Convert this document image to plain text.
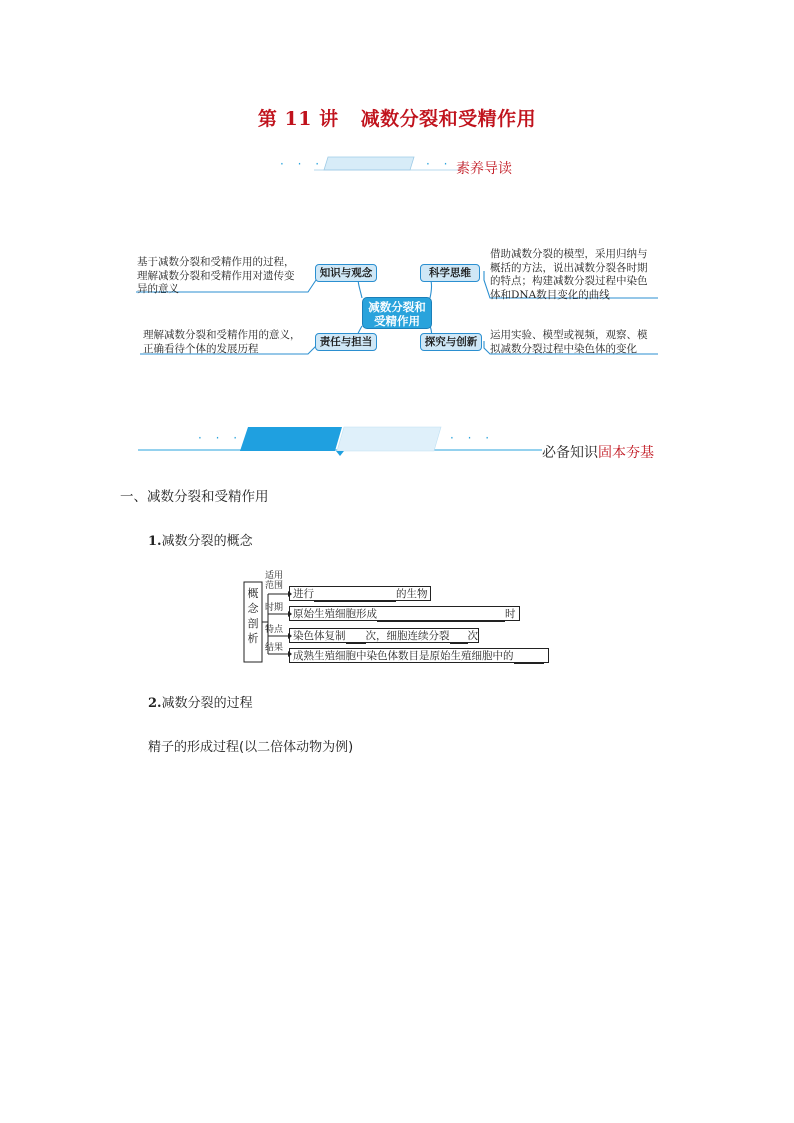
第 11 讲 减数分裂和受精作用
· · ·	· · ·
素养导读
基于减数分裂和受精作用的过程，
理解减数分裂和受精作用对遗传变
异的意义
知识与观念	科学思维
借助减数分裂的模型，采用归纳与
概括的方法，说出减数分裂各时期
的特点；构建减数分裂过程中染色
体和DNA数目变化的曲线
减数分裂和
受精作用
理解减数分裂和受精作用的意义，
正确看待个体的发展历程
责任与担当	探究与创新
运用实验、模型或视频，观察、模
拟减数分裂过程中染色体的变化
· · ·	· · ·
必备知识固本夯基
一、减数分裂和受精作用
1.减数分裂的概念
概
念
剖
析
适用
范围
时期
特点
结果
进行	的生物
原始生殖细胞形成	时
染色体复制 次，细胞连续分裂 次
成熟生殖细胞中染色体数目是原始生殖细胞中的
2.减数分裂的过程
精子的形成过程(以二倍体动物为例)
